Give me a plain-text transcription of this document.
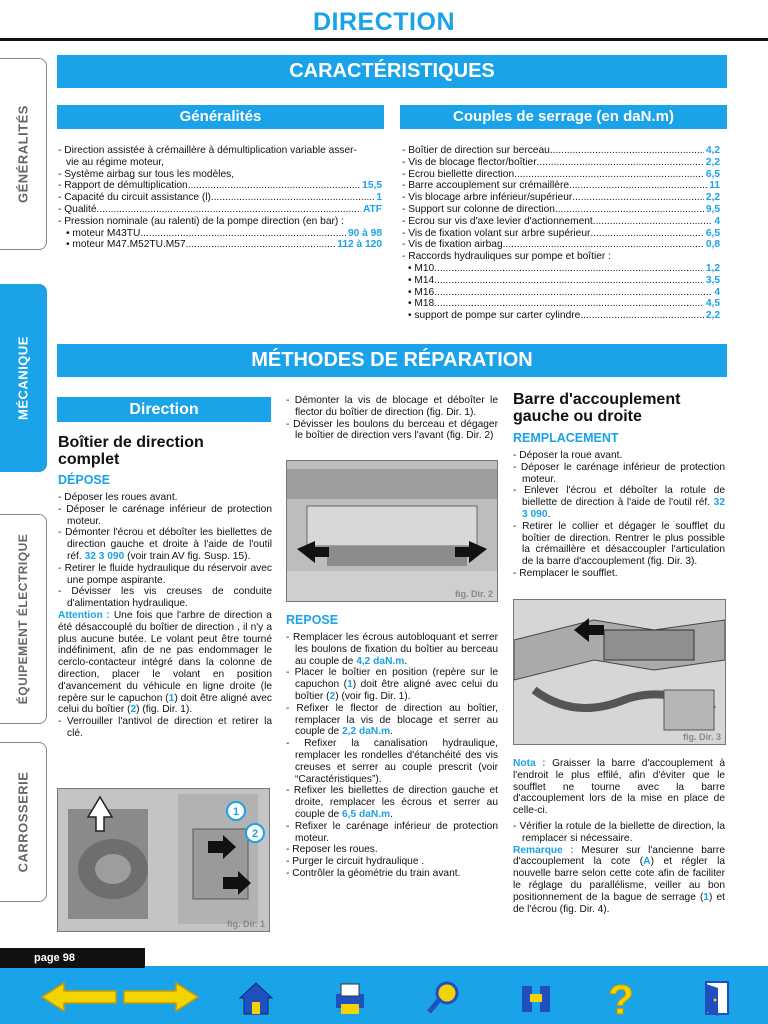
DIRECTION
CARACTÉRISTIQUES
GÉNÉRALITÉS
MÉCANIQUE
ÉQUIPEMENT ÉLECTRIQUE
CARROSSERIE
Généralités

- Direction assistée à crémaillère à démultiplication variable asser-

vie au régime moteur,

- Système airbag sur tous les modèles,

- Rapport de démultiplication .....	15,5
- Capacité du circuit assistance (l) .....	1
- Qualité .....	ATF

- Pression nominale (au ralenti) de la pompe direction (en bar) :

• moteur M43TU .....	90 à 98
• moteur M47.M52TU.M57 .....	112 à 120
Couples de serrage (en daN.m)
- Boîtier de direction sur berceau .....	4,2
- Vis de blocage flector/boîtier .....	2,2
- Écrou biellette direction .....	6,5
- Barre accouplement sur crémaillère .....	11
- Vis blocage arbre inférieur/supérieur .....	2,2
- Support sur colonne de direction .....	9,5
- Écrou sur vis d'axe levier d'actionnement .....	4
- Vis de fixation volant sur arbre supérieur .....	6,5
- Vis de fixation airbag .....	0,8

- Raccords hydrauliques sur pompe et boîtier :

• M10 .....	1,2
• M14 .....	3,5
• M16 .....	4
• M18 .....	4,5
• support de pompe sur carter cylindre .....	2,2
MÉTHODES DE RÉPARATION
Direction
Boîtier de direction complet
DÉPOSE

- Déposer les roues avant.

- Déposer le carénage inférieur de protection moteur.

- Démonter l'écrou et déboîter les biellettes de direction gauche et droite à l'aide de l'outil réf. 32 3 090 (voir train AV fig. Susp. 15).

- Retirer le fluide hydraulique du réservoir avec une pompe aspirante.

- Dévisser les vis creuses de conduite d'alimentation hydraulique.

Attention : Une fois que l'arbre de direction a été désaccouplé du boîtier de direction , il n'y a plus aucune butée. Le volant peut être tourné indéfiniment, afin de ne pas endommager le cerclo-contacteur intégré dans la colonne de direction, placer le volant en position d'avancement du véhicule en ligne droite (le repère sur le capuchon (1) doit être aligné avec celui du boîtier (2) (fig. Dir. 1).

- Verrouiller l'antivol de direction et retirer la clé.

1
2
fig. Dir. 1

- Démonter la vis de blocage et déboîter le flector du boîtier de direction (fig. Dir. 1).

- Dévisser les boulons du berceau et dégager le boîtier de direction vers l'avant (fig. Dir. 2)

fig. Dir. 2
REPOSE

- Remplacer les écrous autobloquant et serrer les boulons de fixation du boîtier au berceau au couple de 4,2 daN.m.

- Placer le boîtier en position (repère sur le capuchon (1) doit être aligné avec celui du boîtier (2) (voir fig. Dir. 1).

- Refixer le flector de direction au boîtier, remplacer la vis de blocage et serrer au couple de 2,2 daN.m.

- Refixer la canalisation hydraulique, remplacer les rondelles d'étanchéité des vis creuses et serrer au couple prescrit (voir “Caractéristiques”).

- Refixer les biellettes de direction gauche et droite, remplacer les écrous et serrer au couple de 6,5 daN.m.

- Refixer le carénage inférieur de protection moteur.

- Reposer les roues.

- Purger le circuit hydraulique .

- Contrôler la géométrie du train avant.

Barre d'accouplement gauche ou droite
REMPLACEMENT

- Déposer la roue avant.

- Déposer le carénage inférieur de protection moteur.

- Enlever l'écrou et déboîter la rotule de biellette de direction à l'aide de l'outil réf. 32 3 090.

- Retirer le collier et dégager le soufflet du boîtier de direction. Rentrer le plus possible la crémaillère et désaccoupler l'articulation de la barre d'accouplement (fig. Dir. 3).

- Remplacer le soufflet.

fig. Dir. 3

Nota : Graisser la barre d'accouplement à l'endroit le plus effilé, afin d'éviter que le soufflet ne tourne avec la barre d'accouplement lors de la mise en place de celle-ci.

- Vérifier la rotule de la biellette de direction, la remplacer si nécessaire.

Remarque : Mesurer sur l'ancienne barre d'accouplement la cote (A) et régler la nouvelle barre selon cette cote afin de faciliter le réglage du parallélisme, veiller au bon positionnement de la bague de serrage (1) et de l'écrou (fig. Dir. 4).

page 98
?
